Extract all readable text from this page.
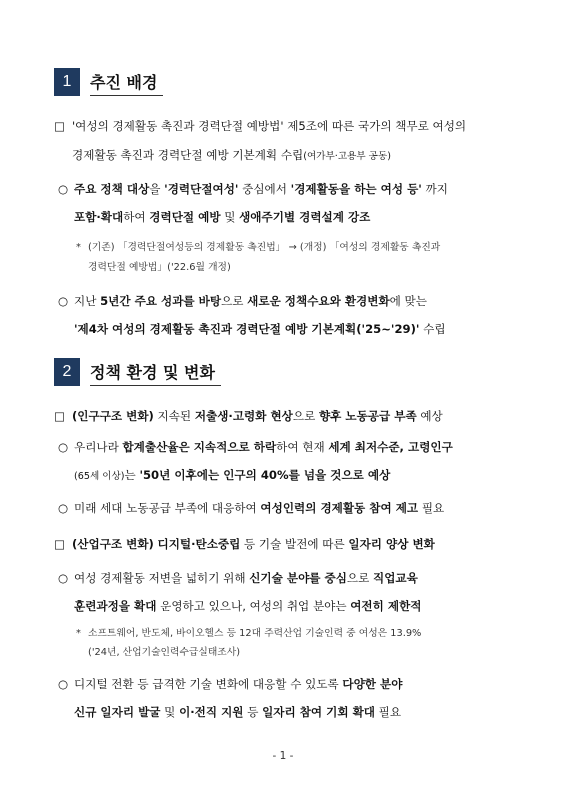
1	추진 배경
□ '여성의 경제활동 촉진과 경력단절 예방법' 제5조에 따른 국가의 책무로 여성의
경제활동 촉진과 경력단절 예방 기본계획 수립(여가부·고용부 공동)
○ 주요 정책 대상을 '경력단절여성' 중심에서 '경제활동을 하는 여성 등' 까지
포함·확대하여 경력단절 예방 및 생애주기별 경력설계 강조
* (기존) 「경력단절여성등의 경제활동 촉진법」 → (개정) 「여성의 경제활동 촉진과
경력단절 예방법」('22.6월 개정)
○ 지난 5년간 주요 성과를 바탕으로 새로운 정책수요와 환경변화에 맞는
'제4차 여성의 경제활동 촉진과 경력단절 예방 기본계획('25~'29)' 수립
2	정책 환경 및 변화
□ (인구구조 변화) 지속된 저출생·고령화 현상으로 향후 노동공급 부족 예상
○ 우리나라 합계출산율은 지속적으로 하락하여 현재 세계 최저수준, 고령인구
(65세 이상)는 '50년 이후에는 인구의 40%를 넘을 것으로 예상
○ 미래 세대 노동공급 부족에 대응하여 여성인력의 경제활동 참여 제고 필요
□ (산업구조 변화) 디지털·탄소중립 등 기술 발전에 따른 일자리 양상 변화
○ 여성 경제활동 저변을 넓히기 위해 신기술 분야를 중심으로 직업교육
훈련과정을 확대 운영하고 있으나, 여성의 취업 분야는 여전히 제한적
* 소프트웨어, 반도체, 바이오헬스 등 12대 주력산업 기술인력 중 여성은 13.9%
('24년, 산업기술인력수급실태조사)
○ 디지털 전환 등 급격한 기술 변화에 대응할 수 있도록 다양한 분야
신규 일자리 발굴 및 이·전직 지원 등 일자리 참여 기회 확대 필요
- 1 -
